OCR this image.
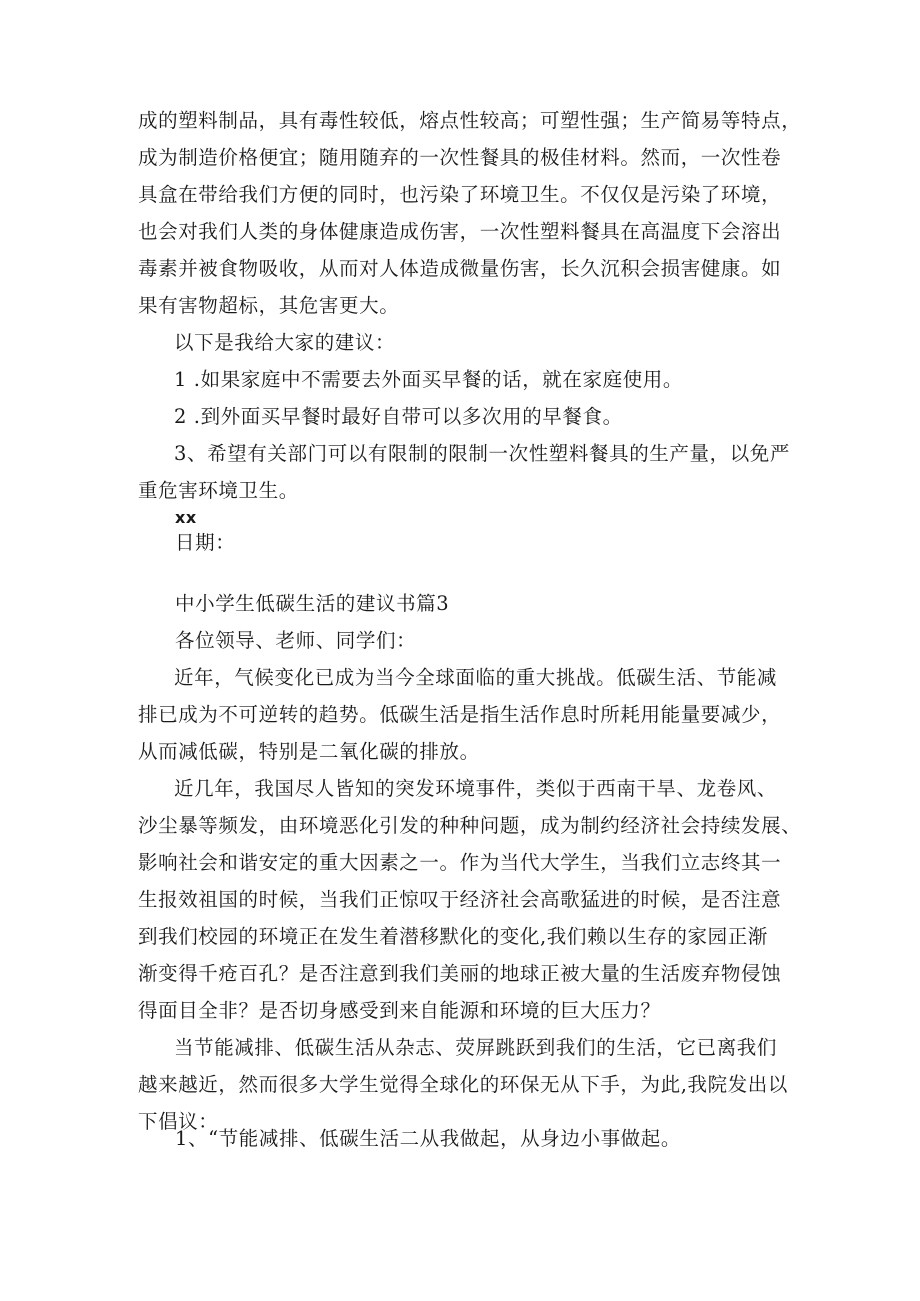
成的塑料制品，具有毒性较低，熔点性较高；可塑性强；生产简易等特点，
成为制造价格便宜；随用随弃的一次性餐具的极佳材料。然而，一次性卷
具盒在带给我们方便的同时，也污染了环境卫生。不仅仅是污染了环境，
也会对我们人类的身体健康造成伤害，一次性塑料餐具在高温度下会溶出
毒素并被食物吸收，从而对人体造成微量伤害，长久沉积会损害健康。如
果有害物超标，其危害更大。
以下是我给大家的建议：
1 .如果家庭中不需要去外面买早餐的话，就在家庭使用。
2 .到外面买早餐时最好自带可以多次用的早餐食。
3、希望有关部门可以有限制的限制一次性塑料餐具的生产量，以免严
重危害环境卫生。
xx
日期：
中小学生低碳生活的建议书篇3
各位领导、老师、同学们：
近年，气候变化已成为当今全球面临的重大挑战。低碳生活、节能减
排已成为不可逆转的趋势。低碳生活是指生活作息时所耗用能量要减少，
从而减低碳，特别是二氧化碳的排放。
近几年，我国尽人皆知的突发环境事件，类似于西南干旱、龙卷风、
沙尘暴等频发，由环境恶化引发的种种问题，成为制约经济社会持续发展、
影响社会和谐安定的重大因素之一。作为当代大学生，当我们立志终其一
生报效祖国的时候，当我们正惊叹于经济社会高歌猛进的时候，是否注意
到我们校园的环境正在发生着潜移默化的变化,我们赖以生存的家园正渐
渐变得千疮百孔？是否注意到我们美丽的地球正被大量的生活废弃物侵蚀
得面目全非？是否切身感受到来自能源和环境的巨大压力？
当节能减排、低碳生活从杂志、荧屏跳跃到我们的生活，它已离我们
越来越近，然而很多大学生觉得全球化的环保无从下手，为此,我院发出以
下倡议：
1、“节能减排、低碳生活二从我做起，从身边小事做起。
